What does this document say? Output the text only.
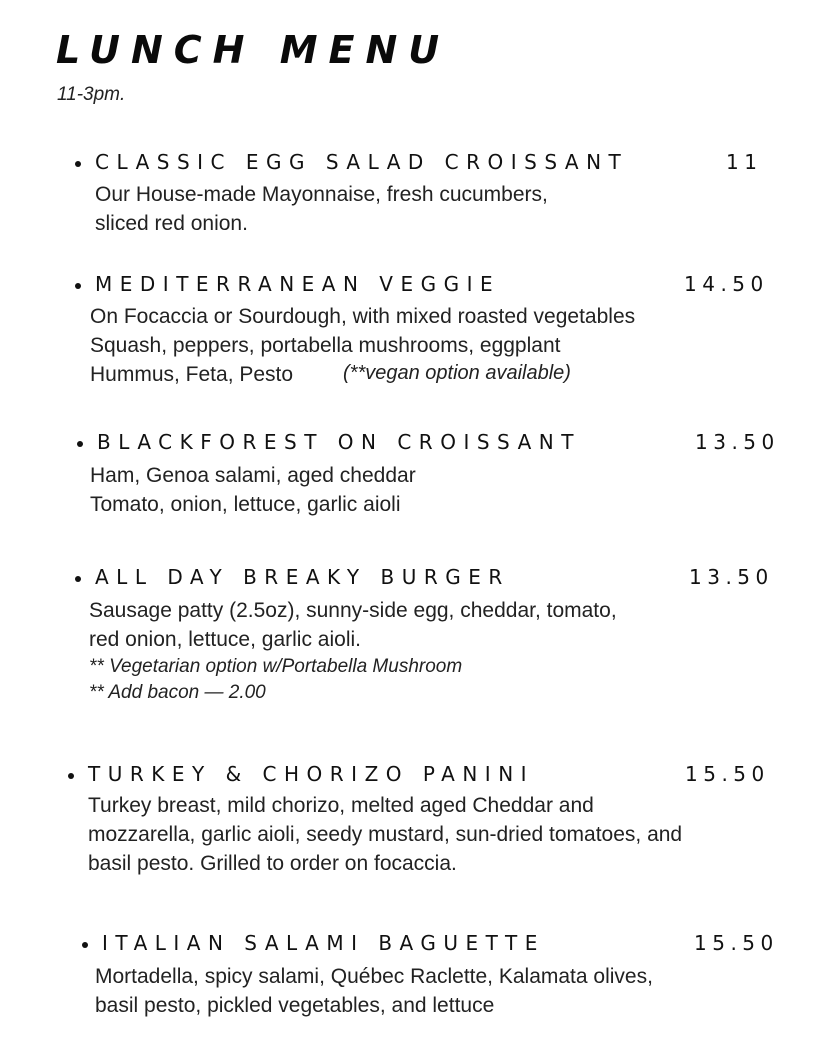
LUNCH MENU
11-3pm.
CLASSIC EGG SALAD CROISSANT	11
Our House-made Mayonnaise, fresh cucumbers,
sliced red onion.
MEDITERRANEAN VEGGIE	14.50
On Focaccia or Sourdough, with mixed roasted vegetables
Squash, peppers, portabella mushrooms, eggplant
Hummus, Feta, Pesto	(**vegan option available)
BLACKFOREST ON CROISSANT	13.50
Ham, Genoa salami, aged cheddar
Tomato, onion, lettuce, garlic aioli
ALL DAY BREAKY BURGER	13.50
Sausage patty (2.5oz), sunny-side egg, cheddar, tomato,
red onion, lettuce, garlic aioli.
** Vegetarian option w/Portabella Mushroom
** Add bacon — 2.00
TURKEY & CHORIZO PANINI	15.50
Turkey breast, mild chorizo, melted aged Cheddar and
mozzarella, garlic aioli, seedy mustard, sun-dried tomatoes, and
basil pesto. Grilled to order on focaccia.
ITALIAN SALAMI BAGUETTE	15.50
Mortadella, spicy salami, Québec Raclette, Kalamata olives,
basil pesto, pickled vegetables, and lettuce
